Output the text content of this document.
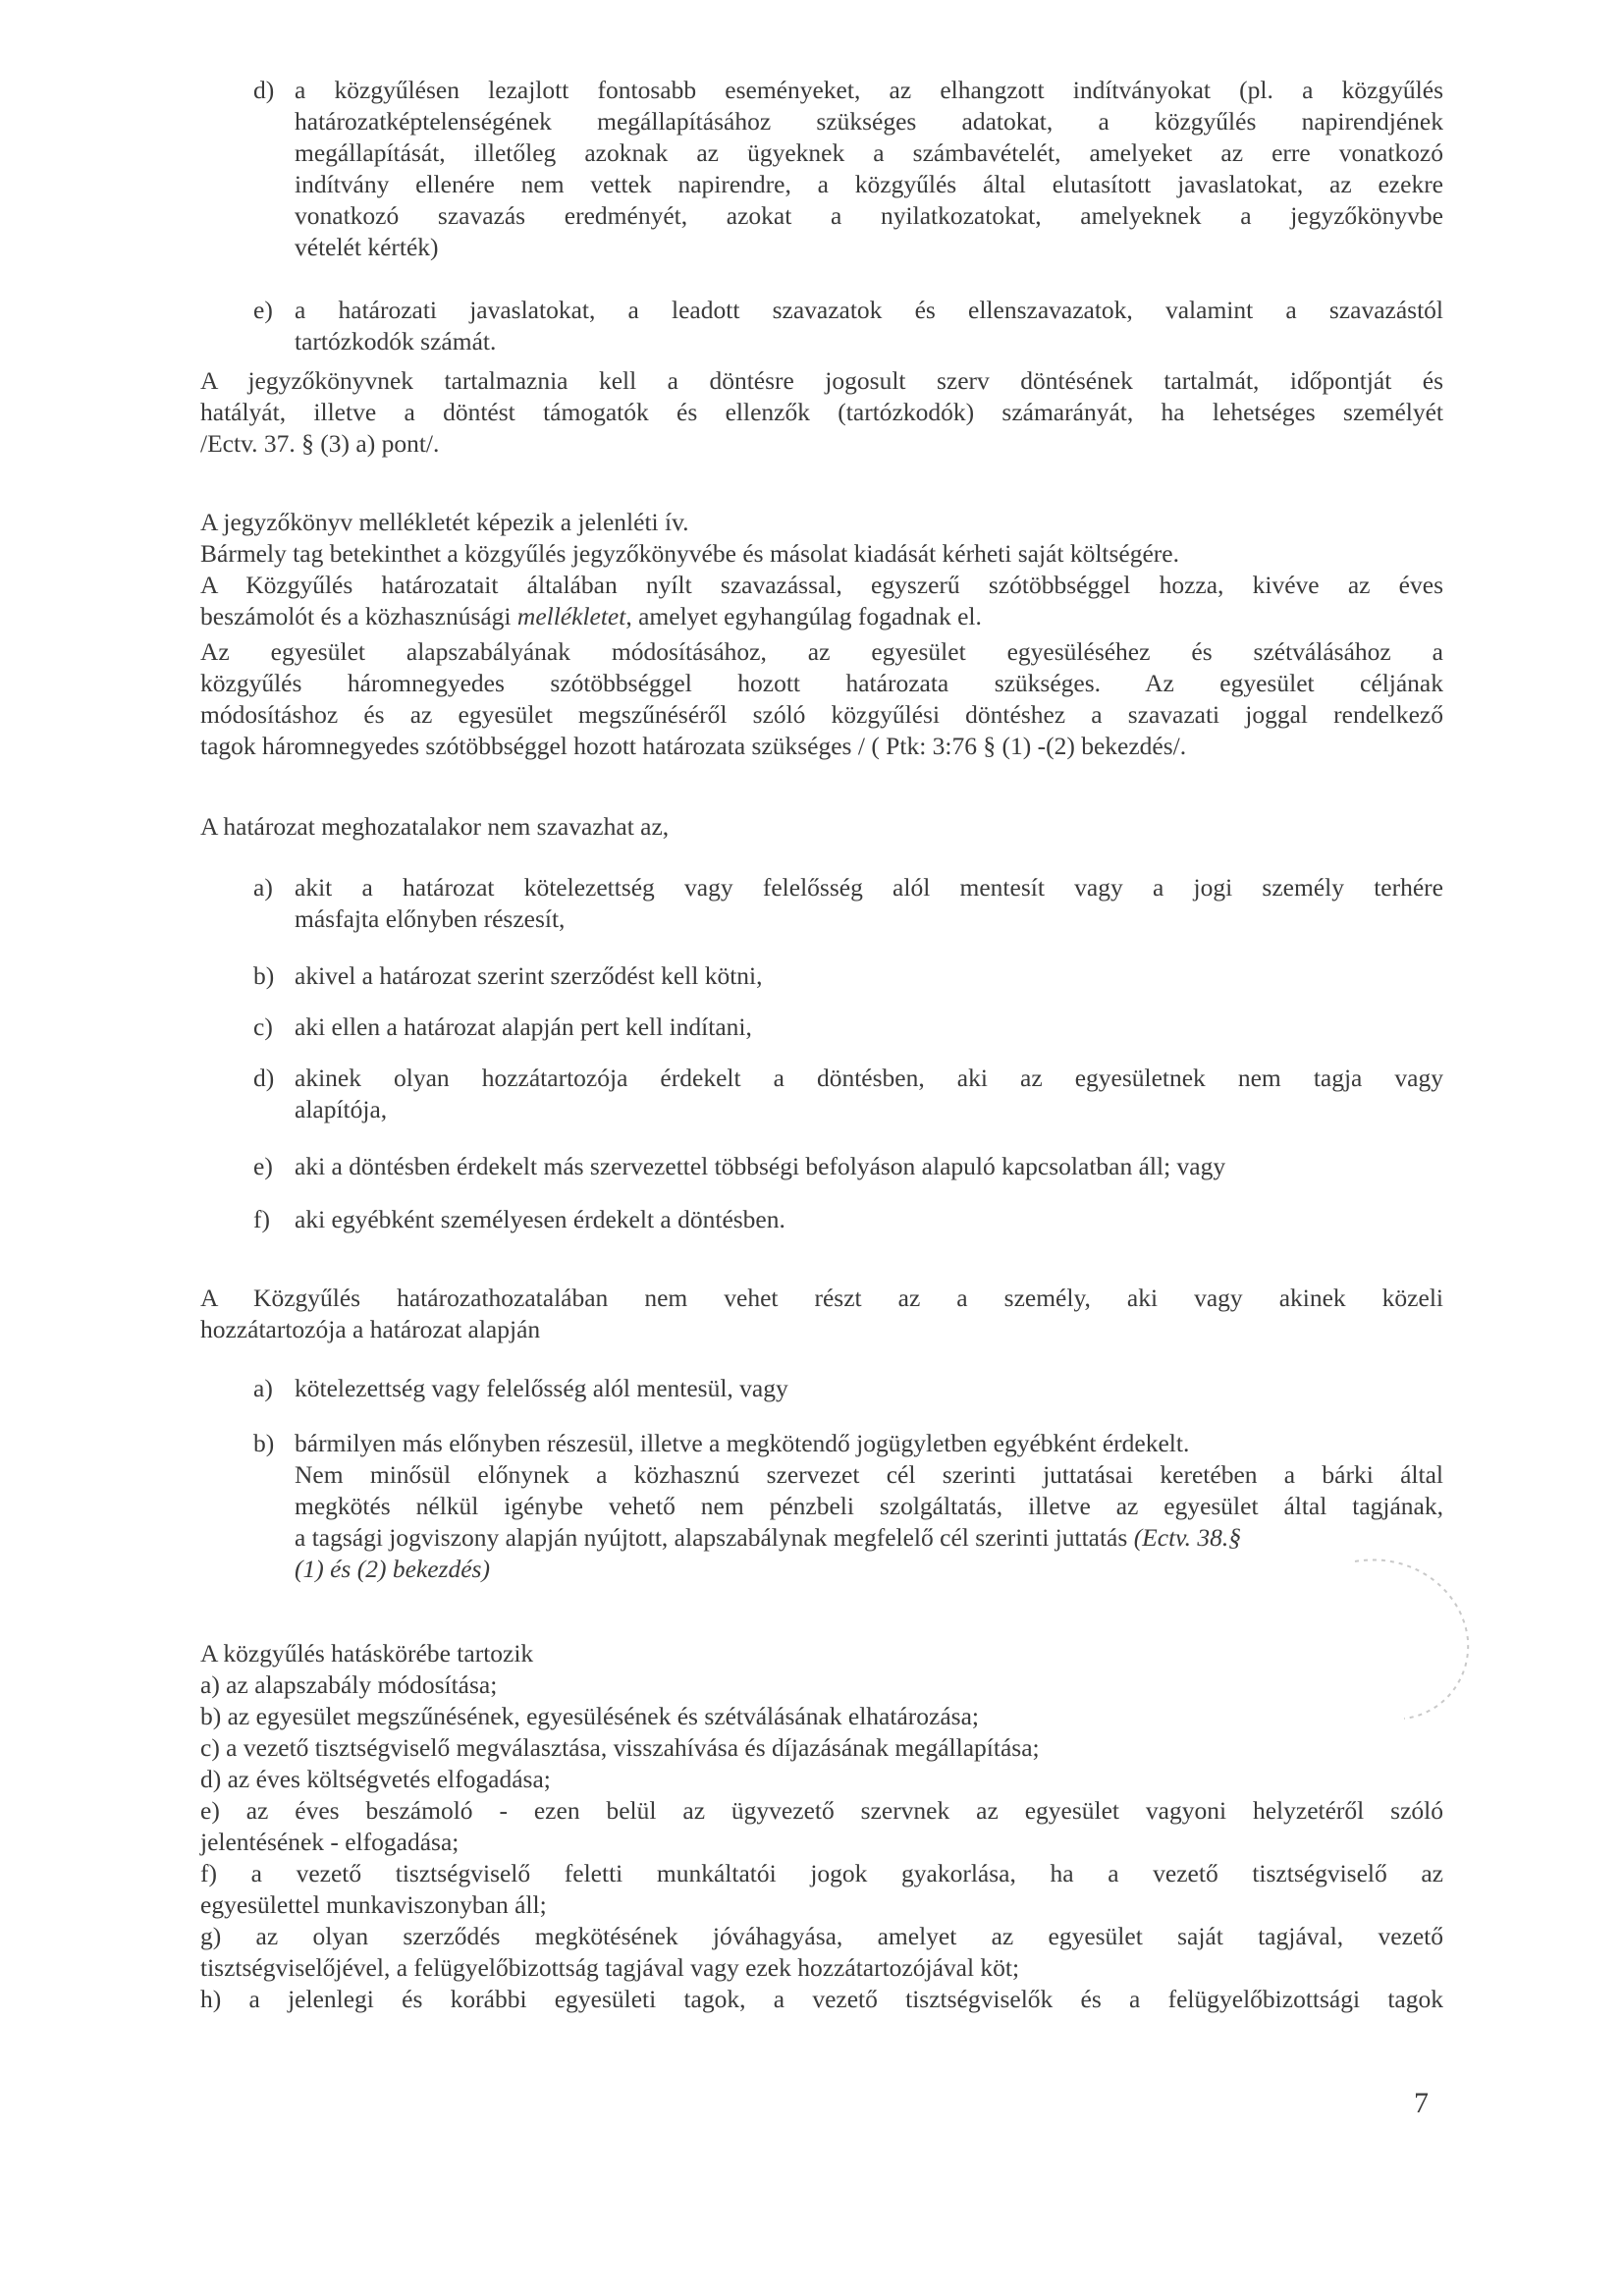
d) a közgyűlésen lezajlott fontosabb eseményeket, az elhangzott indítványokat (pl. a közgyűlés
határozatképtelenségének megállapításához szükséges adatokat, a közgyűlés napirendjének
megállapítását, illetőleg azoknak az ügyeknek a számbavételét, amelyeket az erre vonatkozó
indítvány ellenére nem vettek napirendre, a közgyűlés által elutasított javaslatokat, az ezekre
vonatkozó szavazás eredményét, azokat a nyilatkozatokat, amelyeknek a jegyzőkönyvbe
vételét kérték)
e) a határozati javaslatokat, a leadott szavazatok és ellenszavazatok, valamint a szavazástól
tartózkodók számát.
A jegyzőkönyvnek tartalmaznia kell a döntésre jogosult szerv döntésének tartalmát, időpontját és
hatályát, illetve a döntést támogatók és ellenzők (tartózkodók) számarányát, ha lehetséges személyét
/Ectv. 37. § (3) a) pont/.
A jegyzőkönyv mellékletét képezik a jelenléti ív.
Bármely tag betekinthet a közgyűlés jegyzőkönyvébe és másolat kiadását kérheti saját költségére.
A Közgyűlés határozatait általában nyílt szavazással, egyszerű szótöbbséggel hozza, kivéve az éves
beszámolót és a közhasznúsági mellékletet, amelyet egyhangúlag fogadnak el.
Az egyesület alapszabályának módosításához, az egyesület egyesüléséhez és szétválásához a
közgyűlés háromnegyedes szótöbbséggel hozott határozata szükséges. Az egyesület céljának
módosításhoz és az egyesület megszűnéséről szóló közgyűlési döntéshez a szavazati joggal rendelkező
tagok háromnegyedes szótöbbséggel hozott határozata szükséges / ( Ptk: 3:76 § (1) -(2) bekezdés/.
A határozat meghozatalakor nem szavazhat az,
a) akit a határozat kötelezettség vagy felelősség alól mentesít vagy a jogi személy terhére
másfajta előnyben részesít,
b) akivel a határozat szerint szerződést kell kötni,
c) aki ellen a határozat alapján pert kell indítani,
d) akinek olyan hozzátartozója érdekelt a döntésben, aki az egyesületnek nem tagja vagy
alapítója,
e) aki a döntésben érdekelt más szervezettel többségi befolyáson alapuló kapcsolatban áll; vagy
f) aki egyébként személyesen érdekelt a döntésben.
A Közgyűlés határozathozatalában nem vehet részt az a személy, aki vagy akinek közeli
hozzátartozója a határozat alapján
a) kötelezettség vagy felelősség alól mentesül, vagy
b) bármilyen más előnyben részesül, illetve a megkötendő jogügyletben egyébként érdekelt.
Nem minősül előnynek a közhasznú szervezet cél szerinti juttatásai keretében a bárki által
megkötés nélkül igénybe vehető nem pénzbeli szolgáltatás, illetve az egyesület által tagjának,
a tagsági jogviszony alapján nyújtott, alapszabálynak megfelelő cél szerinti juttatás (Ectv. 38.§
(1) és (2) bekezdés)
A közgyűlés hatáskörébe tartozik
a) az alapszabály módosítása;
b) az egyesület megszűnésének, egyesülésének és szétválásának elhatározása;
c) a vezető tisztségviselő megválasztása, visszahívása és díjazásának megállapítása;
d) az éves költségvetés elfogadása;
e) az éves beszámoló - ezen belül az ügyvezető szervnek az egyesület vagyoni helyzetéről szóló
jelentésének - elfogadása;
f) a vezető tisztségviselő feletti munkáltatói jogok gyakorlása, ha a vezető tisztségviselő az
egyesülettel munkaviszonyban áll;
g) az olyan szerződés megkötésének jóváhagyása, amelyet az egyesület saját tagjával, vezető
tisztségviselőjével, a felügyelőbizottság tagjával vagy ezek hozzátartozójával köt;
h) a jelenlegi és korábbi egyesületi tagok, a vezető tisztségviselők és a felügyelőbizottsági tagok
7
